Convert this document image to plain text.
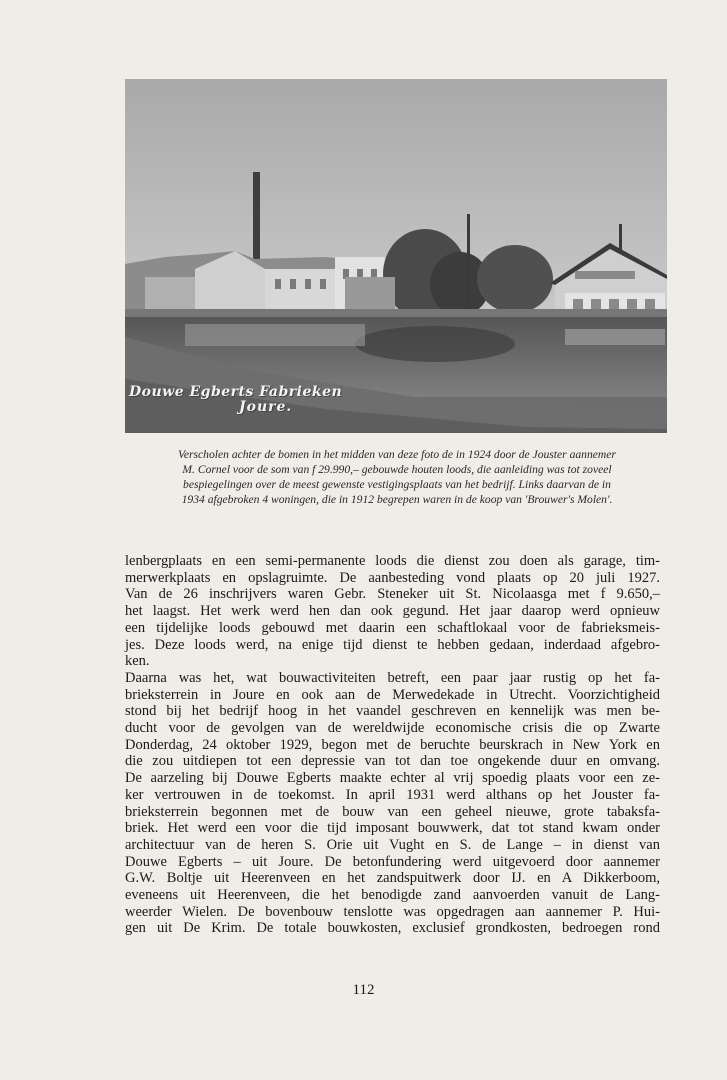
Douwe Egberts Fabrieken
Joure.
Verscholen achter de bomen in het midden van deze foto de in 1924 door de Jouster aannemer
M. Cornel voor de som van f 29.990,– gebouwde houten loods, die aanleiding was tot zoveel
bespiegelingen over de meest gewenste vestigingsplaats van het bedrijf. Links daarvan de in
1934 afgebroken 4 woningen, die in 1912 begrepen waren in de koop van 'Brouwer's Molen'.
lenbergplaats en een semi-permanente loods die dienst zou doen als garage, tim-
merwerkplaats en opslagruimte. De aanbesteding vond plaats op 20 juli 1927.
Van de 26 inschrijvers waren Gebr. Steneker uit St. Nicolaasga met f 9.650,–
het laagst. Het werk werd hen dan ook gegund. Het jaar daarop werd opnieuw
een tijdelijke loods gebouwd met daarin een schaftlokaal voor de fabrieksmeis-
jes. Deze loods werd, na enige tijd dienst te hebben gedaan, inderdaad afgebro-
ken.
Daarna was het, wat bouwactiviteiten betreft, een paar jaar rustig op het fa-
brieksterrein in Joure en ook aan de Merwedekade in Utrecht. Voorzichtigheid
stond bij het bedrijf hoog in het vaandel geschreven en kennelijk was men be-
ducht voor de gevolgen van de wereldwijde economische crisis die op Zwarte
Donderdag, 24 oktober 1929, begon met de beruchte beurskrach in New York en
die zou uitdiepen tot een depressie van tot dan toe ongekende duur en omvang.
De aarzeling bij Douwe Egberts maakte echter al vrij spoedig plaats voor een ze-
ker vertrouwen in de toekomst. In april 1931 werd althans op het Jouster fa-
brieksterrein begonnen met de bouw van een geheel nieuwe, grote tabaksfa-
briek. Het werd een voor die tijd imposant bouwwerk, dat tot stand kwam onder
architectuur van de heren S. Orie uit Vught en S. de Lange – in dienst van
Douwe Egberts – uit Joure. De betonfundering werd uitgevoerd door aannemer
G.W. Boltje uit Heerenveen en het zandspuitwerk door IJ. en A Dikkerboom,
eveneens uit Heerenveen, die het benodigde zand aanvoerden vanuit de Lang-
weerder Wielen. De bovenbouw tenslotte was opgedragen aan aannemer P. Hui-
gen uit De Krim. De totale bouwkosten, exclusief grondkosten, bedroegen rond
112
